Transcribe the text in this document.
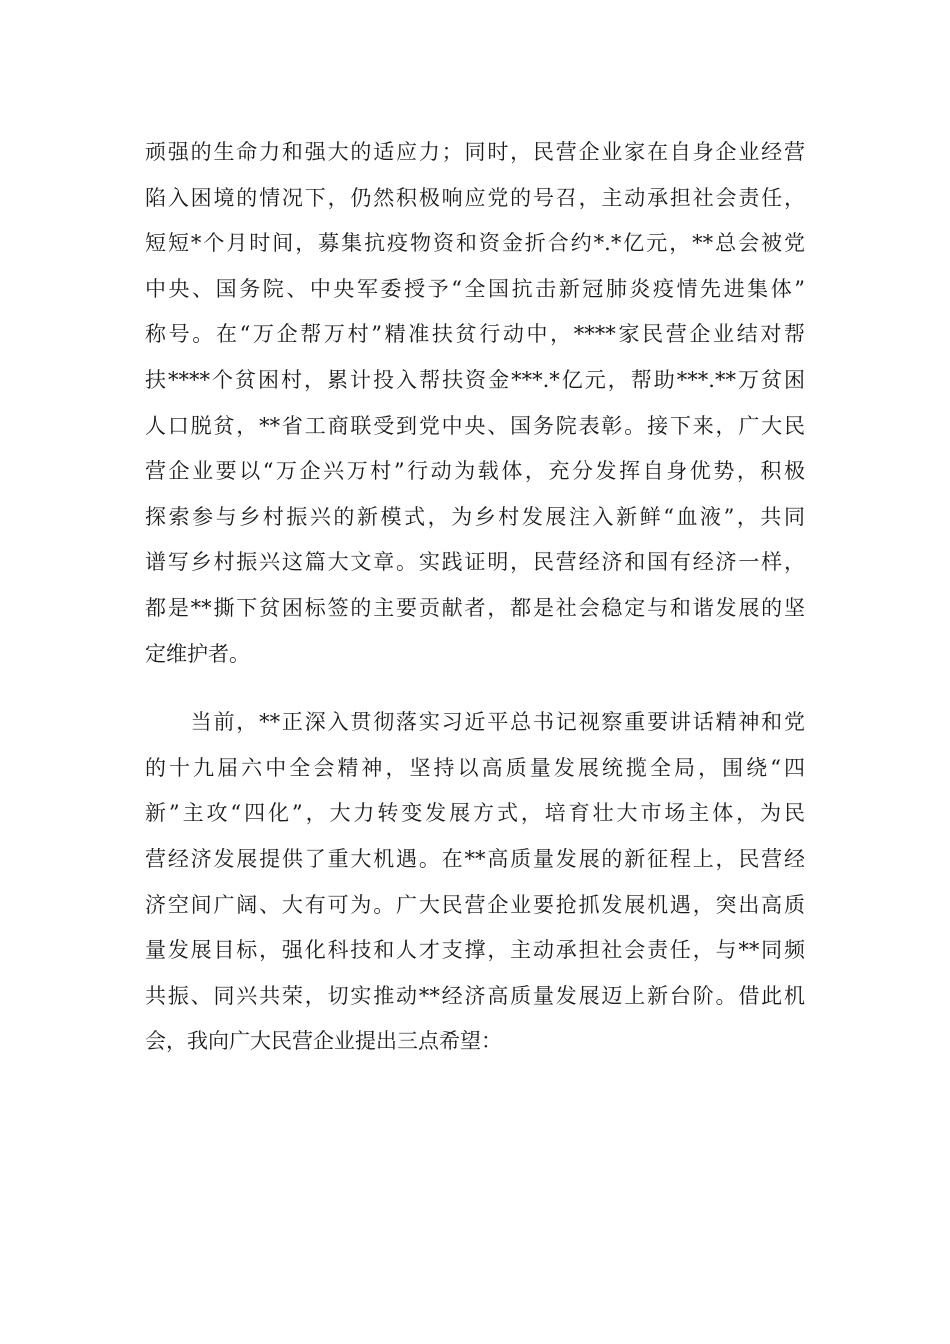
顽强的生命力和强大的适应力；同时，民营企业家在自身企业经营
陷入困境的情况下，仍然积极响应党的号召，主动承担社会责任，
短短*个月时间，募集抗疫物资和资金折合约*.*亿元，**总会被党
中央、国务院、中央军委授予“全国抗击新冠肺炎疫情先进集体”
称号。在“万企帮万村”精准扶贫行动中，****家民营企业结对帮
扶****个贫困村，累计投入帮扶资金***.*亿元，帮助***.**万贫困
人口脱贫，**省工商联受到党中央、国务院表彰。接下来，广大民
营企业要以“万企兴万村”行动为载体，充分发挥自身优势，积极
探索参与乡村振兴的新模式，为乡村发展注入新鲜“血液”，共同
谱写乡村振兴这篇大文章。实践证明，民营经济和国有经济一样，
都是**撕下贫困标签的主要贡献者，都是社会稳定与和谐发展的坚
定维护者。
　　当前，**正深入贯彻落实习近平总书记视察重要讲话精神和党
的十九届六中全会精神，坚持以高质量发展统揽全局，围绕“四
新”主攻“四化”，大力转变发展方式，培育壮大市场主体，为民
营经济发展提供了重大机遇。在**高质量发展的新征程上，民营经
济空间广阔、大有可为。广大民营企业要抢抓发展机遇，突出高质
量发展目标，强化科技和人才支撑，主动承担社会责任，与**同频
共振、同兴共荣，切实推动**经济高质量发展迈上新台阶。借此机
会，我向广大民营企业提出三点希望：
